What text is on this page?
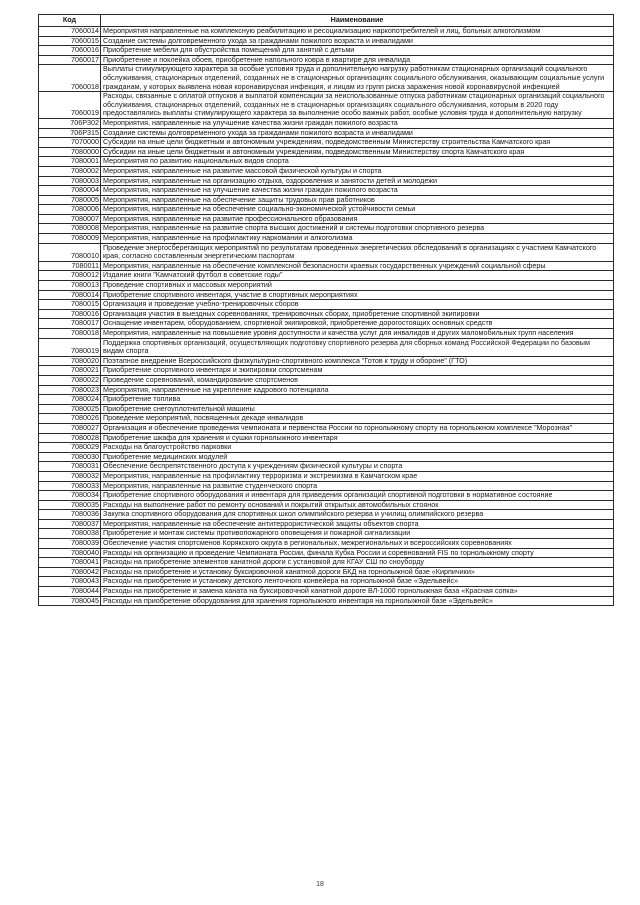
Код	Наименование
7060014	Мероприятия направленные на комплексную реабилитацию и ресоциализацию наркопотребителей и лиц, больных алкоголизмом
7060015	Создание системы долговременного ухода за гражданами пожилого возраста и инвалидами
7060016	Приобретение мебели для обустройства помещений для занятий с детьми
7060017	Приобретение и поклейка обоев, приобретение напольного ковра в квартире для инвалида
7060018	Выплаты стимулирующего характера за особые условия труда и дополнительную нагрузку работникам стационарных организаций социального обслуживания, стационарных отделений, созданных не в стационарных организациях социального обслуживания, оказывающим социальные услуги гражданам, у которых выявлена новая коронавирусная инфекция, и лицам из групп риска заражения новой коронавирусной инфекцией
7060019	Расходы, связанные с оплатой отпусков и выплатой компенсации за неиспользованные отпуска работникам стационарных организаций социального обслуживания, стационарных отделений, созданных не в стационарных организациях социального обслуживания, которым в 2020 году предоставлялись выплаты стимулирующего характера за выполнение особо важных работ, особые условия труда и дополнительную нагрузку
706P302	Мероприятия, направленные на улучшение качества жизни граждан пожилого возраста
706P315	Создание системы долговременного ухода за гражданами пожилого возраста и инвалидами
7070000	Субсидии на иные цели бюджетным и автономным учреждениям, подведомственным Министерству строительства Камчатского края
7080000	Субсидии на иные цели бюджетным и автономным учреждениям, подведомственным Министерству спорта Камчатского края
7080001	Мероприятия по развитию национальных видов спорта
7080002	Мероприятия, направленные на развитие массовой физической культуры и спорта
7080003	Мероприятия, направленные на организацию отдыха, оздоровления и занятости детей и молодежи
7080004	Мероприятия, направленные на улучшение качества жизни граждан пожилого возраста
7080005	Мероприятия, направленные на обеспечение защиты трудовых прав работников
7080006	Мероприятия, направленные на обеспечение социально-экономической устойчивости семьи
7080007	Мероприятия, направленные на развитие профессионального образования
7080008	Мероприятия, направленные на развитие спорта высших достижений и системы подготовки спортивного резерва
7080009	Мероприятия, направленные на профилактику наркомании и алкоголизма
7080010	Проведение энергосберегающих мероприятий по результатам проведенных энергетических обследований в организациях с участием Камчатского края, согласно составленным энергетическим паспортам
7080011	Мероприятия, направленные на обеспечение комплексной безопасности краевых государственных учреждений социальной сферы
7080012	Издание книги "Камчатский футбол в советские годы"
7080013	Проведение спортивных и массовых мероприятий
7080014	Приобретение спортивного инвентаря, участие в спортивных мероприятиях
7080015	Организация и проведение учебно-тренировочных сборов
7080016	Организация участия в выездных соревнованиях, тренировочных сборах, приобретение спортивной экипировки
7080017	Оснащение инвентарем, оборудованием, спортивной экипировкой, приобретение дорогостоящих основных средств
7080018	Мероприятия, направленные на повышение уровня доступности и качества услуг для инвалидов и других маломобильных групп населения
7080019	Поддержка спортивных организаций, осуществляющих подготовку спортивного резерва для сборных команд Российской Федерации по базовым видам спорта
7080020	Поэтапное внедрение Всероссийского физкультурно-спортивного комплекса "Готов к труду и обороне" (ГТО)
7080021	Приобретение спортивного инвентаря и экипировки спортсменам
7080022	Проведение соревнований, командирование спортсменов
7080023	Мероприятия, направленные на укрепление кадрового потенциала
7080024	Приобретение топлива
7080025	Приобретение снегоуплотнительной машины
7080026	Проведение мероприятий, посвященных декаде инвалидов
7080027	Организация и обеспечение проведения чемпионата и первенства России по горнолыжному спорту на горнолыжном комплексе "Морозная"
7080028	Приобретение шкафа для хранения и сушки горнолыжного инвентаря
7080029	Расходы на благоустройство парковки
7080030	Приобретение медицинских модулей
7080031	Обеспечение беспрепятственного доступа к учреждениям физической культуры и спорта
7080032	Мероприятия, направленные на профилактику терроризма и экстремизма в Камчатском крае
7080033	Мероприятия, направленные на развитие студенческого спорта
7080034	Приобретение спортивного оборудования и инвентаря для приведения организаций спортивной подготовки в нормативное состояние
7080035	Расходы на выполнение работ по ремонту оснований и покрытий открытых автомобильных стоянок
7080036	Закупка спортивного оборудования для спортивных школ олимпийского резерва и училищ олимпийского резерва
7080037	Мероприятия, направленные на обеспечение антитеррористической защиты объектов спорта
7080038	Приобретение и монтаж системы противопожарного оповещения и пожарной сигнализации
7080039	Обеспечение участия спортсменов Корякского округа в региональных, межрегиональных и всероссийских соревнованиях
7080040	Расходы на организацию и проведение Чемпионата России, финала Кубка России и соревнований FIS по горнолыжному спорту
7080041	Расходы на приобретение элементов канатной дороги с установкой для КГАУ СШ по сноуборду
7080042	Расходы на приобретение и установку буксировочной канатной дороги БКД на горнолыжной базе «Кирпичики»
7080043	Расходы на приобретение и установку детского ленточного конвейера на горнолыжной базе «Эдельвейс»
7080044	Расходы на приобретение и замена каната на буксировочной канатной дороге ВЛ-1000 горнолыжная база «Красная сопка»
7080045	Расходы на приобретение оборудования для хранения горнолыжного инвентаря на горнолыжной базе «Эдельвейс»
18
